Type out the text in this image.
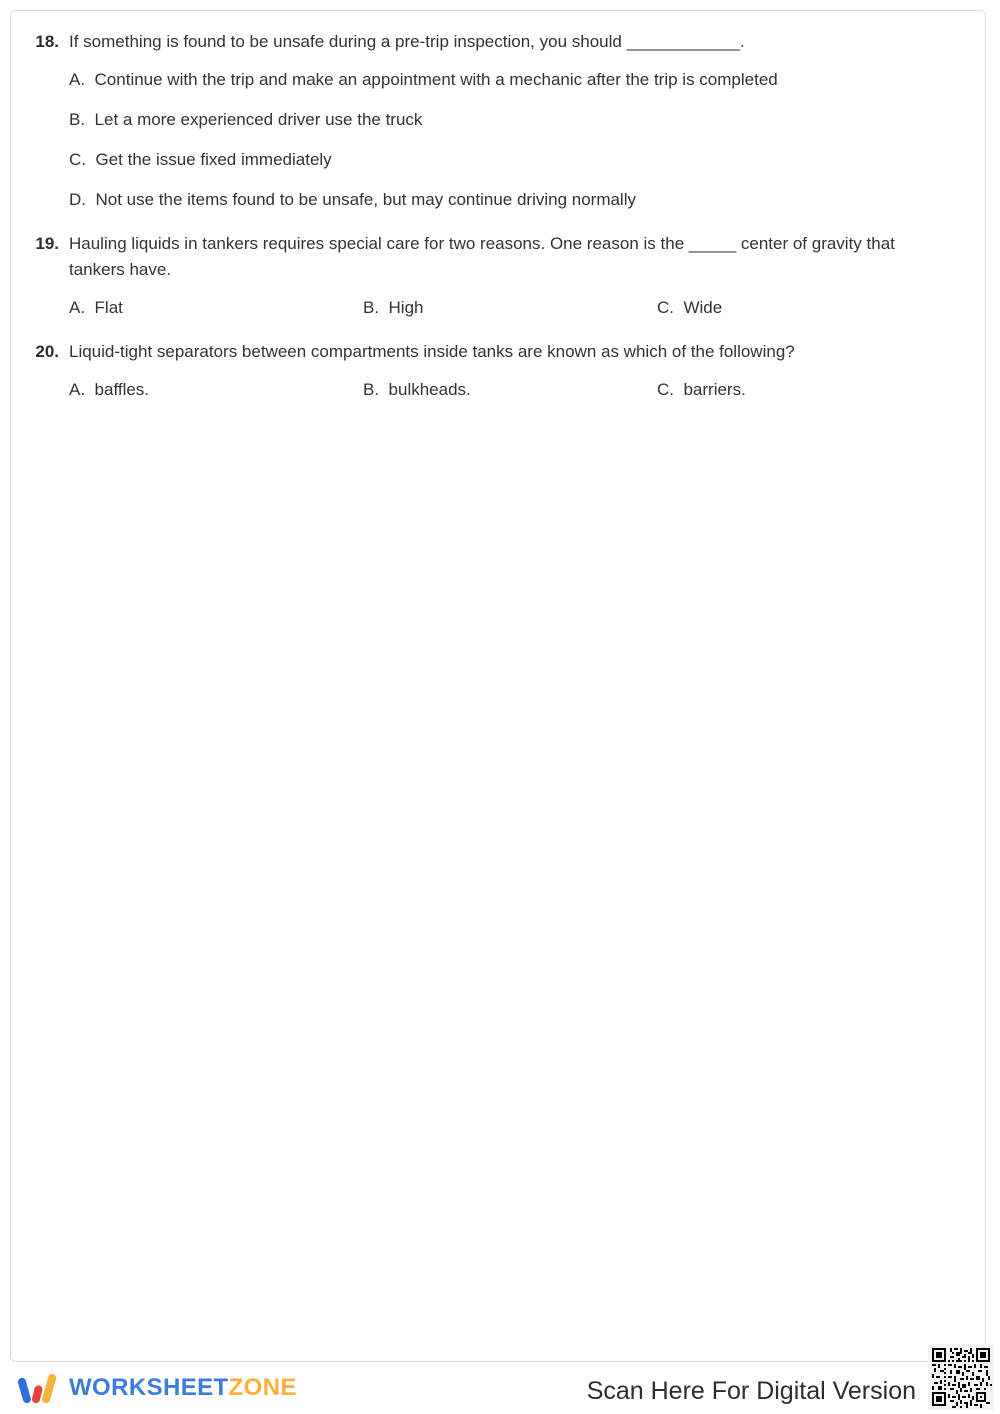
18. If something is found to be unsafe during a pre-trip inspection, you should ____________.
A.  Continue with the trip and make an appointment with a mechanic after the trip is completed
B.  Let a more experienced driver use the truck
C.  Get the issue fixed immediately
D.  Not use the items found to be unsafe, but may continue driving normally
19. Hauling liquids in tankers requires special care for two reasons. One reason is the _____ center of gravity that tankers have.
A.  Flat	B.  High	C.  Wide
20. Liquid-tight separators between compartments inside tanks are known as which of the following?
A.  baffles.	B.  bulkheads.	C.  barriers.
WORKSHEETZONE	Scan Here For Digital Version
